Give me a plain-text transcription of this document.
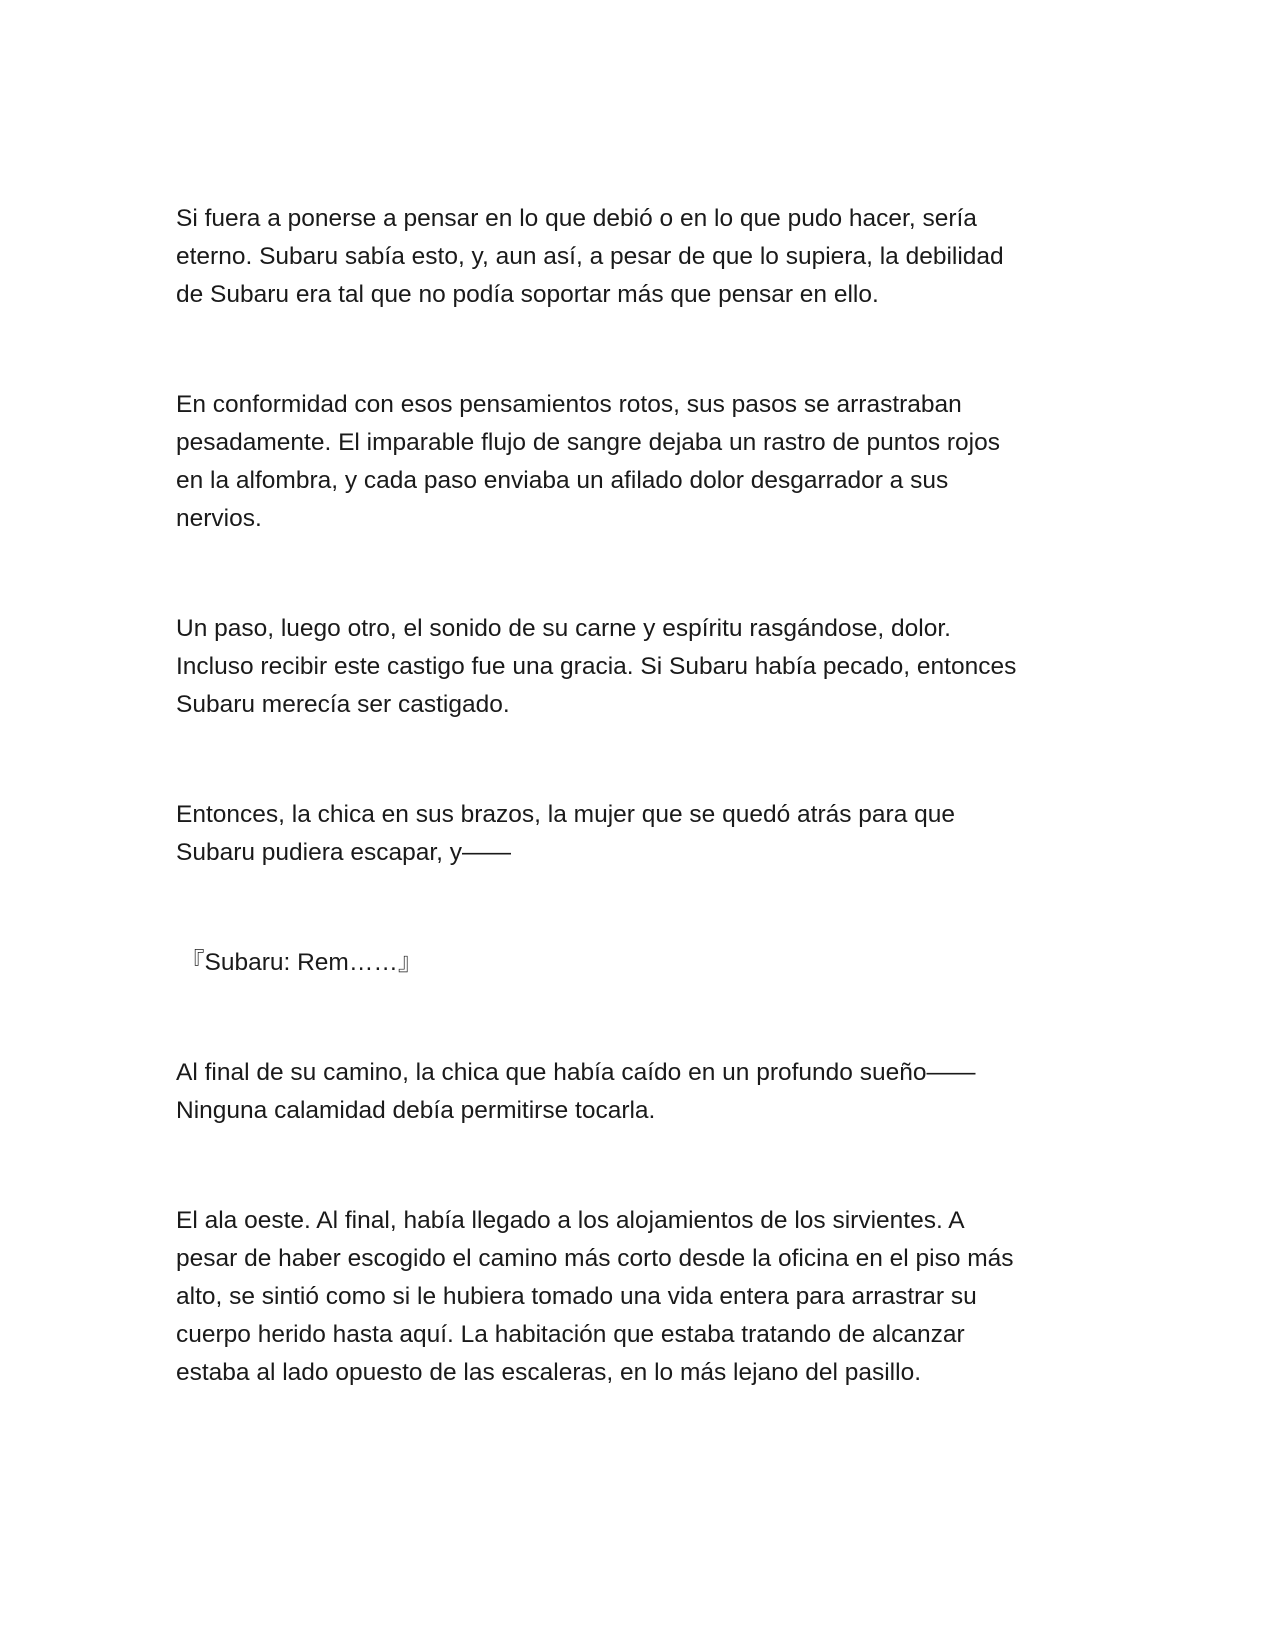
Si fuera a ponerse a pensar en lo que debió o en lo que pudo hacer, sería
eterno. Subaru sabía esto, y, aun así, a pesar de que lo supiera, la debilidad
de Subaru era tal que no podía soportar más que pensar en ello.

En conformidad con esos pensamientos rotos, sus pasos se arrastraban
pesadamente. El imparable flujo de sangre dejaba un rastro de puntos rojos
en la alfombra, y cada paso enviaba un afilado dolor desgarrador a sus
nervios.

Un paso, luego otro, el sonido de su carne y espíritu rasgándose, dolor.
Incluso recibir este castigo fue una gracia. Si Subaru había pecado, entonces
Subaru merecía ser castigado.

Entonces, la chica en sus brazos, la mujer que se quedó atrás para que
Subaru pudiera escapar, y——

『Subaru: Rem……』

Al final de su camino, la chica que había caído en un profundo sueño——
Ninguna calamidad debía permitirse tocarla.

El ala oeste. Al final, había llegado a los alojamientos de los sirvientes. A
pesar de haber escogido el camino más corto desde la oficina en el piso más
alto, se sintió como si le hubiera tomado una vida entera para arrastrar su
cuerpo herido hasta aquí. La habitación que estaba tratando de alcanzar
estaba al lado opuesto de las escaleras, en lo más lejano del pasillo.
